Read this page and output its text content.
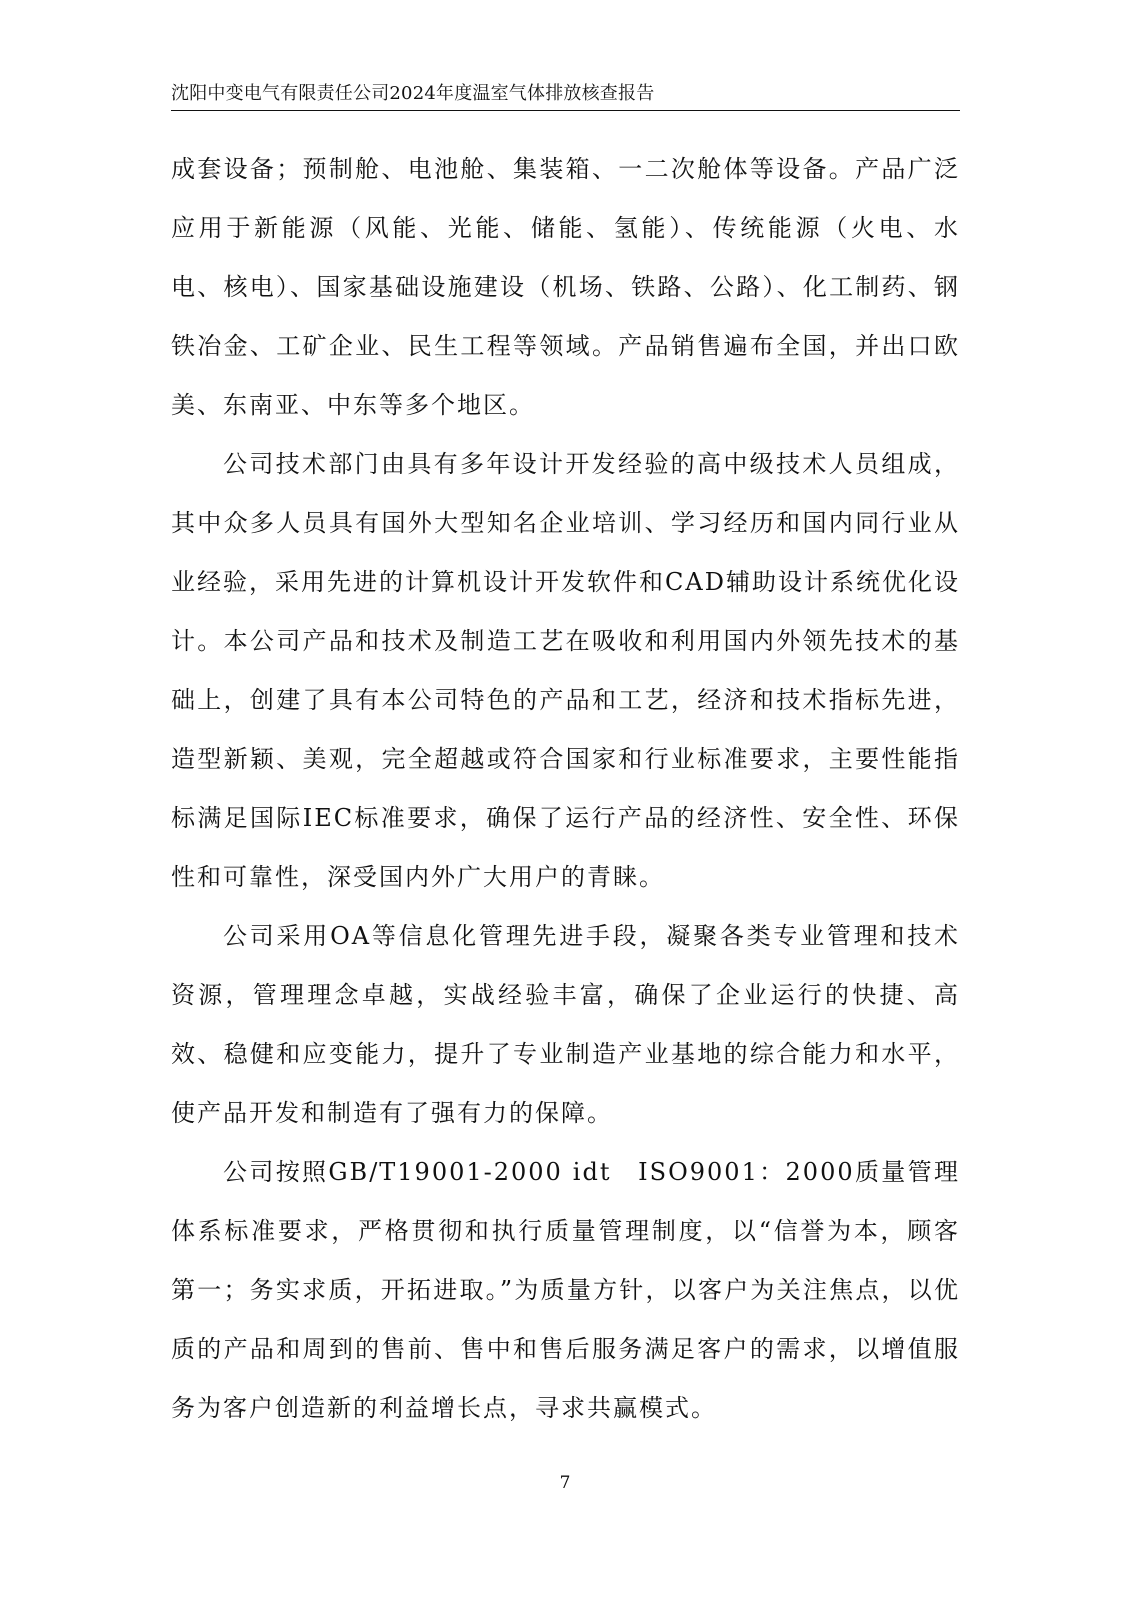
沈阳中变电气有限责任公司2024年度温室气体排放核查报告

成套设备；预制舱、电池舱、集装箱、一二次舱体等设备。产品广泛应用于新能源（风能、光能、储能、氢能）、传统能源（火电、水电、核电）、国家基础设施建设（机场、铁路、公路）、化工制药、钢铁冶金、工矿企业、民生工程等领域。产品销售遍布全国，并出口欧美、东南亚、中东等多个地区。

公司技术部门由具有多年设计开发经验的高中级技术人员组成，其中众多人员具有国外大型知名企业培训、学习经历和国内同行业从业经验，采用先进的计算机设计开发软件和CAD辅助设计系统优化设计。本公司产品和技术及制造工艺在吸收和利用国内外领先技术的基础上，创建了具有本公司特色的产品和工艺，经济和技术指标先进，造型新颖、美观，完全超越或符合国家和行业标准要求，主要性能指标满足国际IEC标准要求，确保了运行产品的经济性、安全性、环保性和可靠性，深受国内外广大用户的青睐。

公司采用OA等信息化管理先进手段，凝聚各类专业管理和技术资源，管理理念卓越，实战经验丰富，确保了企业运行的快捷、高效、稳健和应变能力，提升了专业制造产业基地的综合能力和水平，使产品开发和制造有了强有力的保障。

公司按照GB/T19001-2000 idt　ISO9001：2000质量管理体系标准要求，严格贯彻和执行质量管理制度，以“信誉为本，顾客第一；务实求质，开拓进取。”为质量方针，以客户为关注焦点，以优质的产品和周到的售前、售中和售后服务满足客户的需求，以增值服务为客户创造新的利益增长点，寻求共赢模式。

7
